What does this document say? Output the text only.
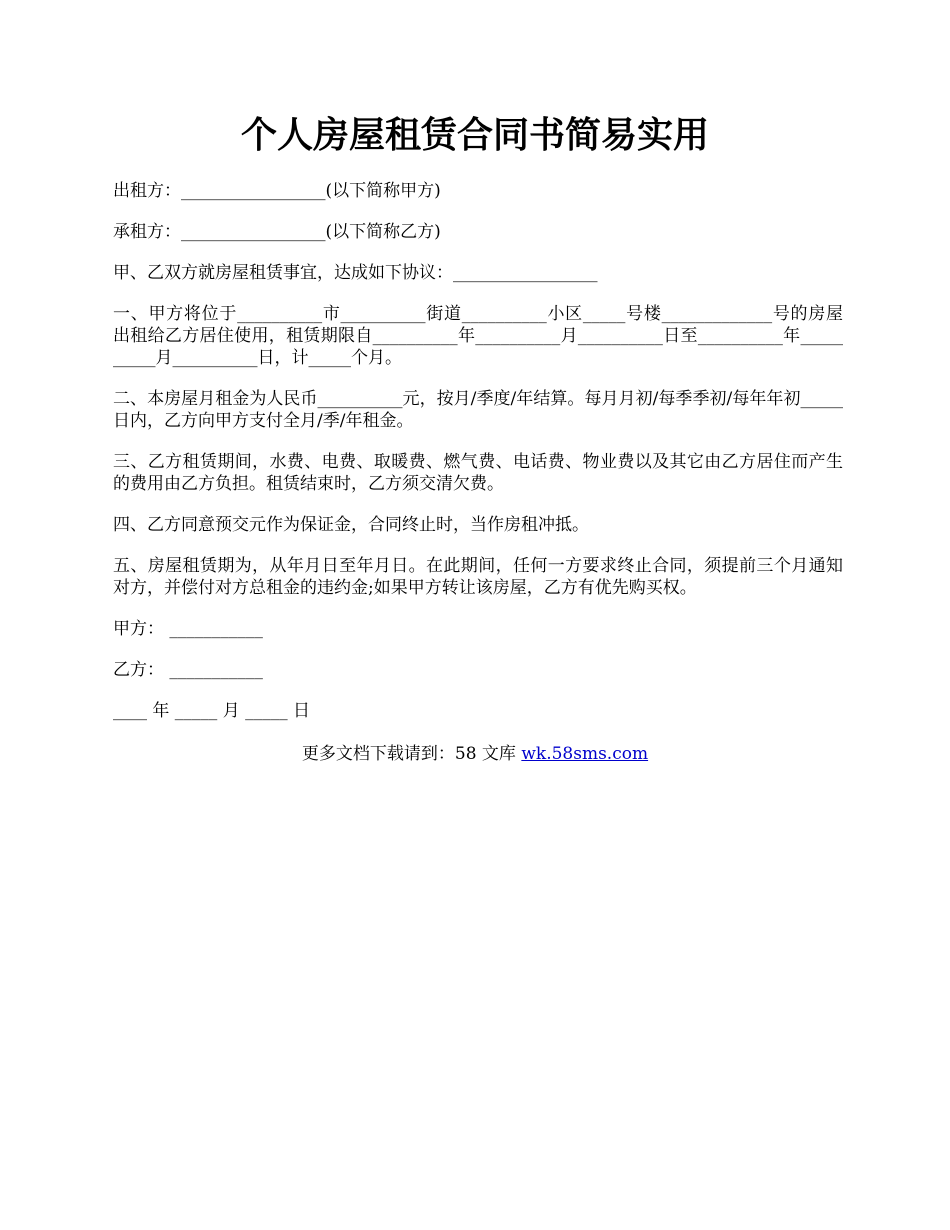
个人房屋租赁合同书简易实用

出租方：_________________(以下简称甲方)

承租方：_________________(以下简称乙方)

甲、乙双方就房屋租赁事宜，达成如下协议：_________________

一、甲方将位于__________市__________街道__________小区_____号楼_____________号的房屋出租给乙方居住使用，租赁期限自__________年__________月__________日至__________年__________月__________日，计_____个月。

二、本房屋月租金为人民币__________元，按月/季度/年结算。每月月初/每季季初/每年年初_____日内，乙方向甲方支付全月/季/年租金。

三、乙方租赁期间，水费、电费、取暖费、燃气费、电话费、物业费以及其它由乙方居住而产生的费用由乙方负担。租赁结束时，乙方须交清欠费。

四、乙方同意预交元作为保证金，合同终止时，当作房租冲抵。

五、房屋租赁期为，从年月日至年月日。在此期间，任何一方要求终止合同，须提前三个月通知对方，并偿付对方总租金的违约金;如果甲方转让该房屋，乙方有优先购买权。

甲方： ___________

乙方： ___________

____ 年 _____ 月 _____ 日

更多文档下载请到：58 文库 wk.58sms.com
